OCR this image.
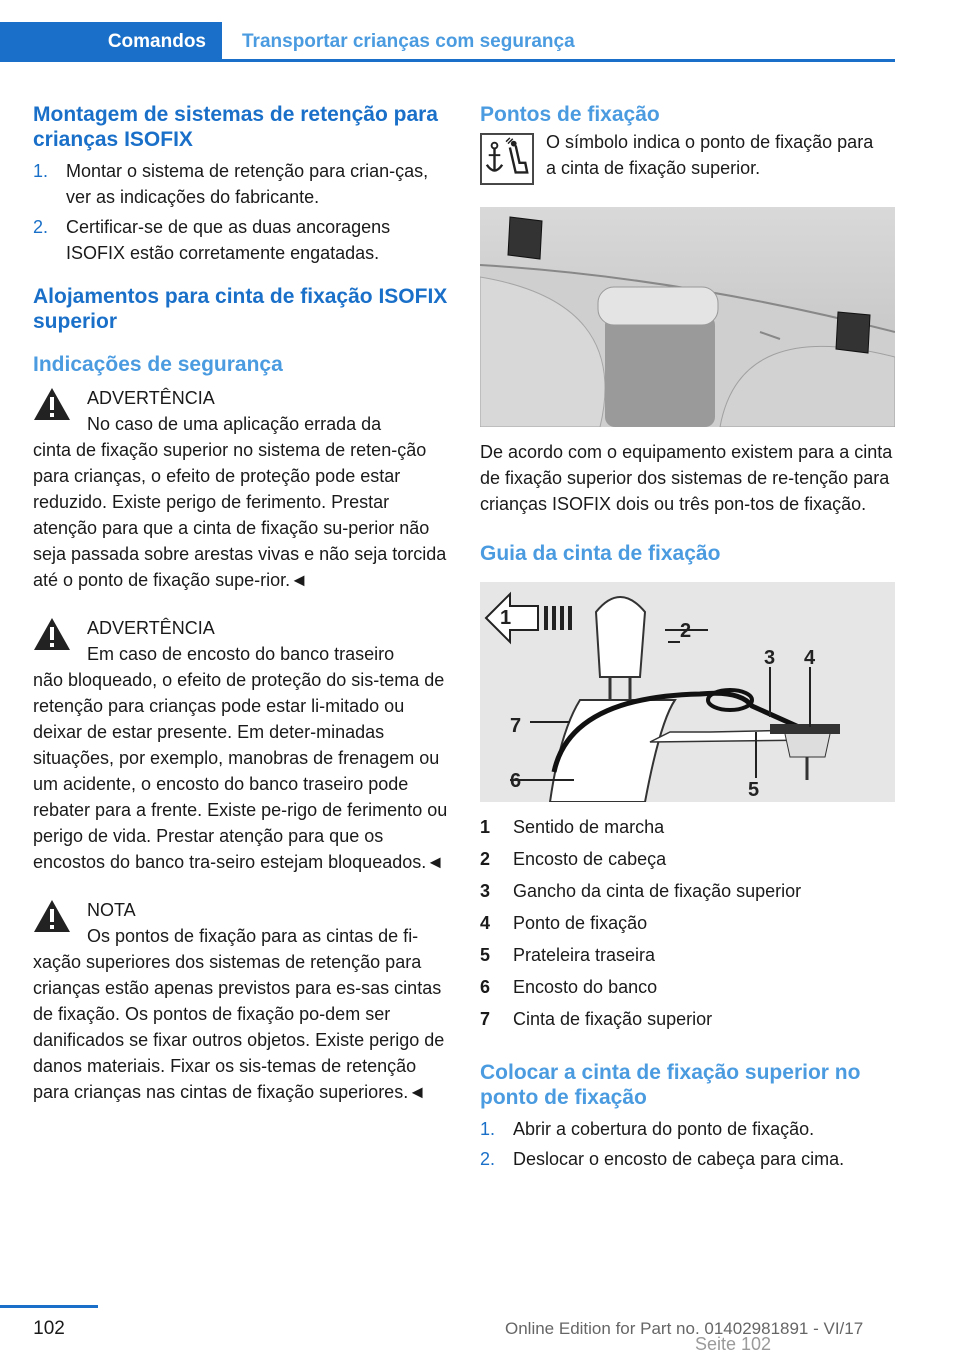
Comandos	Transportar crianças com segurança
Montagem de sistemas de retenção para crianças ISOFIX
1. Montar o sistema de retenção para crian‐ças, ver as indicações do fabricante.
2. Certificar-se de que as duas ancoragens ISOFIX estão corretamente engatadas.
Alojamentos para cinta de fixação ISOFIX superior
Indicações de segurança

ADVERTÊNCIA

No caso de uma aplicação errada da

cinta de fixação superior no sistema de reten‐ção para crianças, o efeito de proteção pode estar reduzido. Existe perigo de ferimento. Prestar atenção para que a cinta de fixação su‐perior não seja passada sobre arestas vivas e não seja torcida até o ponto de fixação supe‐rior.◄

ADVERTÊNCIA

Em caso de encosto do banco traseiro

não bloqueado, o efeito de proteção do sis‐tema de retenção para crianças pode estar li‐mitado ou deixar de estar presente. Em deter‐minadas situações, por exemplo, manobras de frenagem ou um acidente, o encosto do banco traseiro pode rebater para a frente. Existe pe‐rigo de ferimento ou perigo de vida. Prestar atenção para que os encostos do banco tra‐seiro estejam bloqueados.◄

NOTA

Os pontos de fixação para as cintas de fi‐

xação superiores dos sistemas de retenção para crianças estão apenas previstos para es‐sas cintas de fixação. Os pontos de fixação po‐dem ser danificados se fixar outros objetos. Existe perigo de danos materiais. Fixar os sis‐temas de retenção para crianças nas cintas de fixação superiores.◄

Pontos de fixação

O símbolo indica o ponto de fixação para a cinta de fixação superior.

De acordo com o equipamento existem para a cinta de fixação superior dos sistemas de re‐tenção para crianças ISOFIX dois ou três pon‐tos de fixação.

Guia da cinta de fixação
1
2
3 4
5
6
7
1 Sentido de marcha
2 Encosto de cabeça
3 Gancho da cinta de fixação superior
4 Ponto de fixação
5 Prateleira traseira
6 Encosto do banco
7 Cinta de fixação superior
Colocar a cinta de fixação superior no ponto de fixação
1. Abrir a cobertura do ponto de fixação.
2. Deslocar o encosto de cabeça para cima.
102	Online Edition for Part no. 01402981891 - VI/17
Seite 102
